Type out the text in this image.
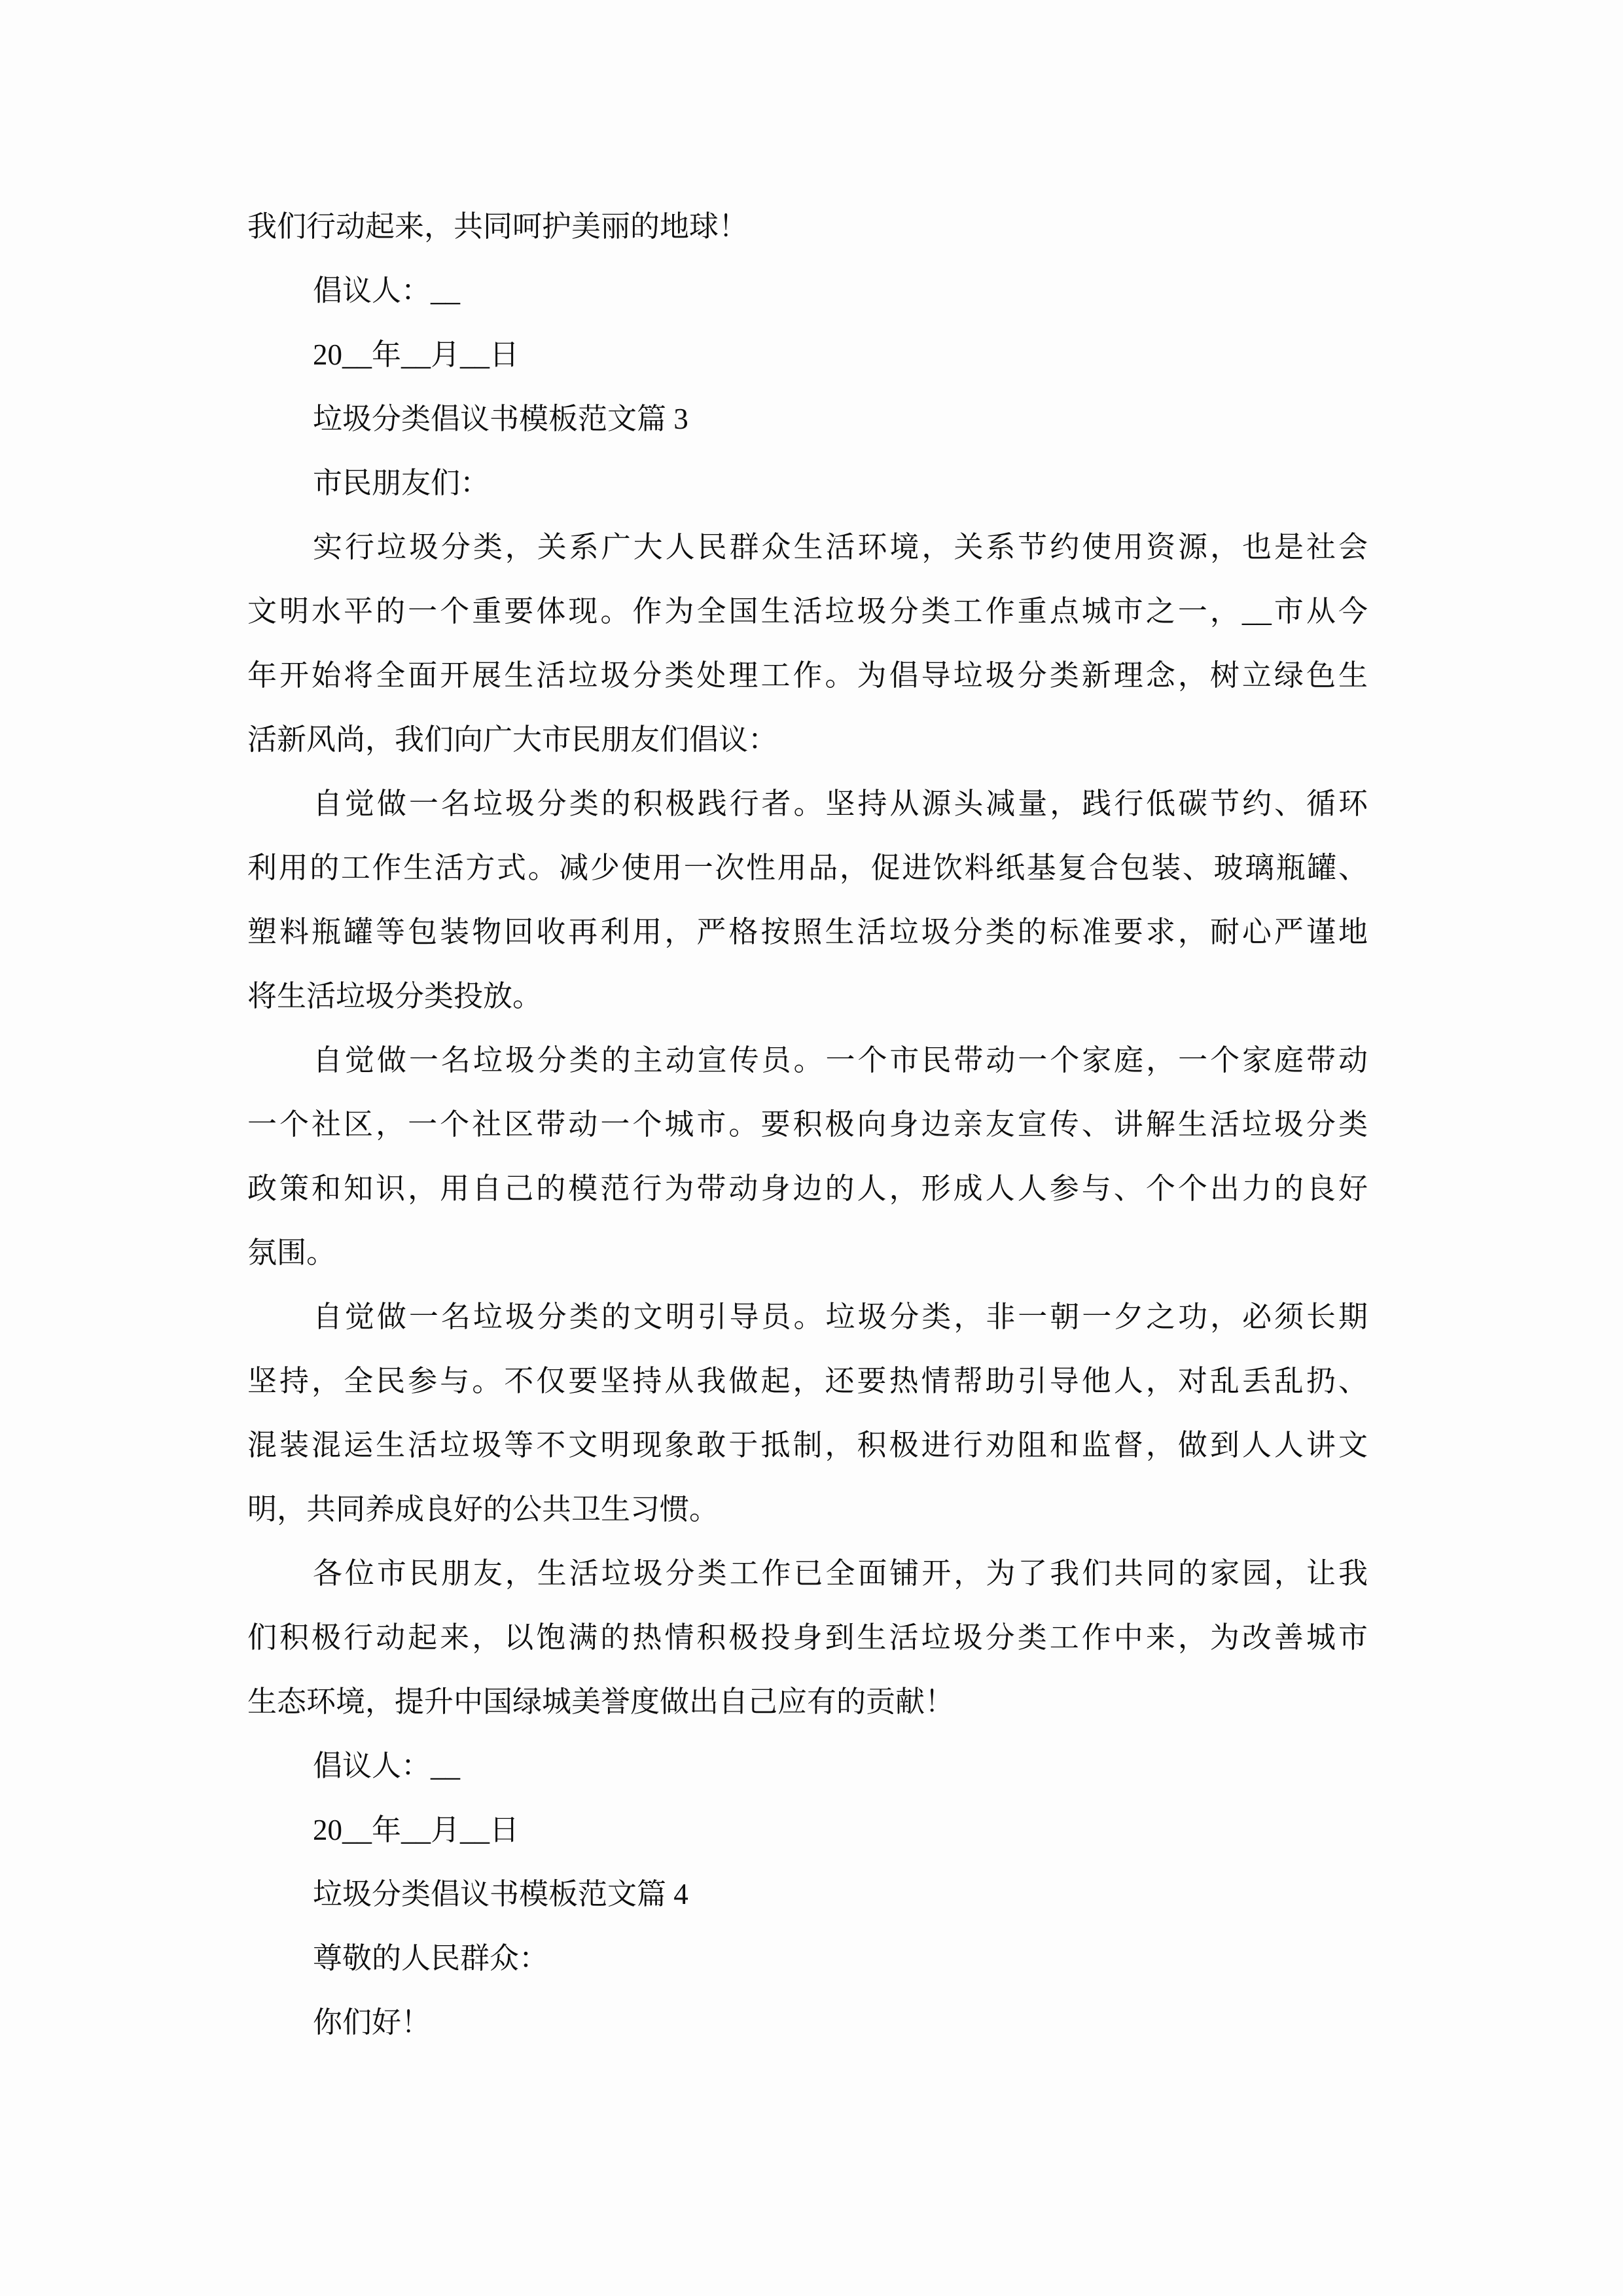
我们行动起来，共同呵护美丽的地球！
倡议人：__
20__年__月__日
垃圾分类倡议书模板范文篇 3
市民朋友们：
实行垃圾分类，关系广大人民群众生活环境，关系节约使用资源，也是社会
文明水平的一个重要体现。作为全国生活垃圾分类工作重点城市之一，__市从今
年开始将全面开展生活垃圾分类处理工作。为倡导垃圾分类新理念，树立绿色生
活新风尚，我们向广大市民朋友们倡议：
自觉做一名垃圾分类的积极践行者。坚持从源头减量，践行低碳节约、循环
利用的工作生活方式。减少使用一次性用品，促进饮料纸基复合包装、玻璃瓶罐、
塑料瓶罐等包装物回收再利用，严格按照生活垃圾分类的标准要求，耐心严谨地
将生活垃圾分类投放。
自觉做一名垃圾分类的主动宣传员。一个市民带动一个家庭，一个家庭带动
一个社区，一个社区带动一个城市。要积极向身边亲友宣传、讲解生活垃圾分类
政策和知识，用自己的模范行为带动身边的人，形成人人参与、个个出力的良好
氛围。
自觉做一名垃圾分类的文明引导员。垃圾分类，非一朝一夕之功，必须长期
坚持，全民参与。不仅要坚持从我做起，还要热情帮助引导他人，对乱丢乱扔、
混装混运生活垃圾等不文明现象敢于抵制，积极进行劝阻和监督，做到人人讲文
明，共同养成良好的公共卫生习惯。
各位市民朋友，生活垃圾分类工作已全面铺开，为了我们共同的家园，让我
们积极行动起来，以饱满的热情积极投身到生活垃圾分类工作中来，为改善城市
生态环境，提升中国绿城美誉度做出自己应有的贡献！
倡议人：__
20__年__月__日
垃圾分类倡议书模板范文篇 4
尊敬的人民群众：
你们好！
